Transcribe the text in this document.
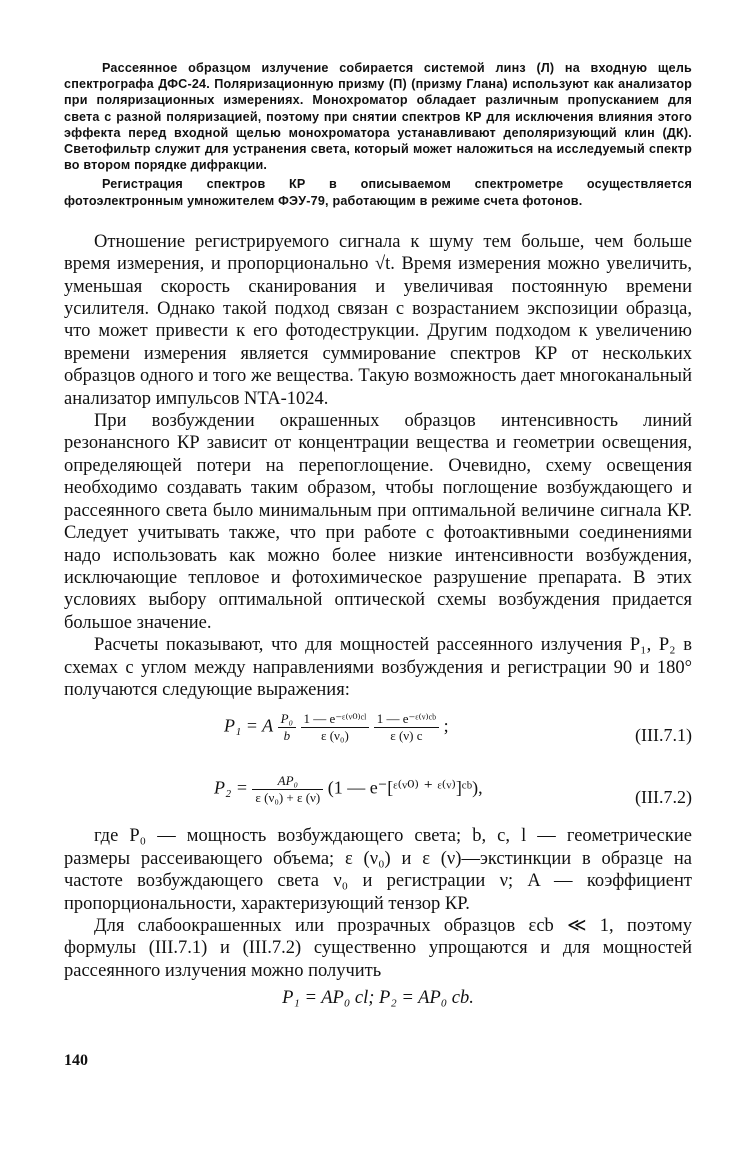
Рассеянное образцом излучение собирается системой линз (Л) на входную щель спектрографа ДФС-24. Поляризационную призму (П) (призму Глана) используют как анализатор при поляризационных измерениях. Монохроматор обладает различным пропусканием для света с разной поляризацией, поэтому при снятии спектров КР для исключения влияния этого эффекта перед входной щелью монохроматора устанавливают деполяризующий клин (ДК). Светофильтр служит для устранения света, который может наложиться на исследуемый спектр во втором порядке дифракции.

Регистрация спектров КР в описываемом спектрометре осуществляется фотоэлектронным умножителем ФЭУ-79, работающим в режиме счета фотонов.

Отношение регистрируемого сигнала к шуму тем больше, чем больше время измерения, и пропорционально √t. Время измерения можно увеличить, уменьшая скорость сканирования и увеличивая постоянную времени усилителя. Однако такой подход связан с возрастанием экспозиции образца, что может привести к его фотодеструкции. Другим подходом к увеличению времени измерения является суммирование спектров КР от нескольких образцов одного и того же вещества. Такую возможность дает многоканальный анализатор импульсов NTA-1024.

При возбуждении окрашенных образцов интенсивность линий резонансного КР зависит от концентрации вещества и геометрии освещения, определяющей потери на перепоглощение. Очевидно, схему освещения необходимо создавать таким образом, чтобы поглощение возбуждающего и рассеянного света было минимальным при оптимальной величине сигнала КР. Следует учитывать также, что при работе с фотоактивными соединениями надо использовать как можно более низкие интенсивности возбуждения, исключающие тепловое и фотохимическое разрушение препарата. В этих условиях выбору оптимальной оптической схемы возбуждения придается большое значение.

Расчеты показывают, что для мощностей рассеянного излучения P₁, P₂ в схемах с углом между направлениями возбуждения и регистрации 90 и 180° получаются следующие выражения:

P₁ = A $\frac{\text{P₀}}{b}$
$\frac{\text{1 — e⁻ᵋ⁽ᵛ⁰⁾ᶜˡ}}{\text{ε (ν₀)}}$
$\frac{\text{1 — e⁻ᵋ⁽ᵛ⁾ᶜᵇ}}{\varepsilon (\nu) c}$ ;	(III.7.1)
$P_2 = \frac{\text{AP₀}}{\text{ε (ν₀) + ε (ν)}} (1$ — e⁻[ᵋ⁽ᵛ⁰⁾ ⁺ ᵋ⁽ᵛ⁾]ᶜᵇ),	(III.7.2)

где P₀ — мощность возбуждающего света; b, c, l — геометрические размеры рассеивающего объема; ε (ν₀) и ε (ν)—экстинкции в образце на частоте возбуждающего света ν₀ и регистрации ν; A — коэффициент пропорциональности, характеризующий тензор КР.

Для слабоокрашенных или прозрачных образцов εcb ≪ 1, поэтому формулы (III.7.1) и (III.7.2) существенно упрощаются и для мощностей рассеянного излучения можно получить

P₁ = AP₀ cl; P₂ = AP₀ cb.
140
